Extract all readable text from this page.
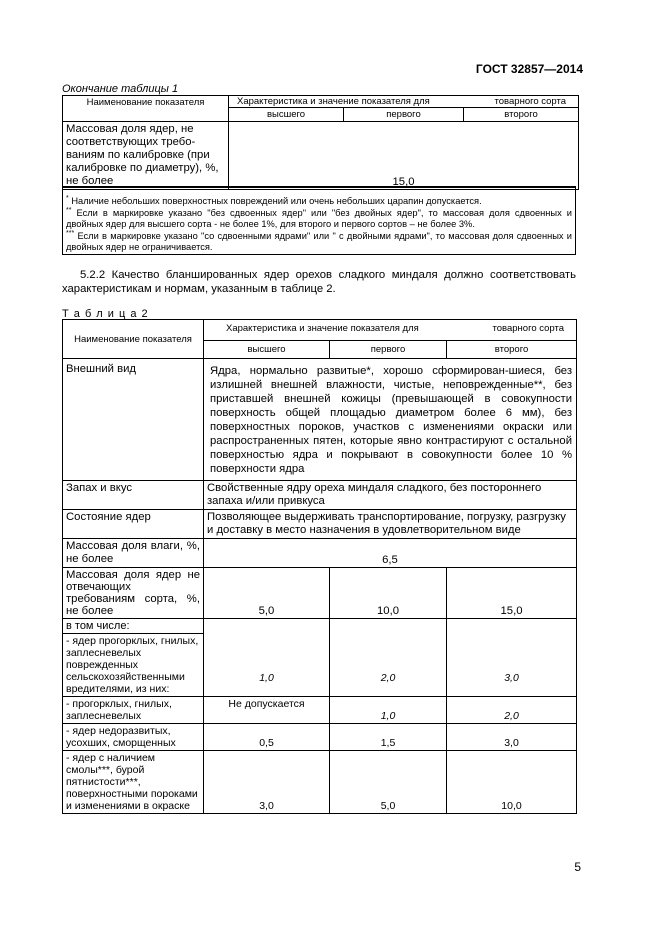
ГОСТ 32857—2014
Окончание таблицы 1
Наименование показателя	Характеристика и значение показателя для товарного сорта		

	высшего	первого	второго
Массовая доля ядер, не соответствующих требо-ваниям по калибровке (при калибровке по диаметру), %, не более	15,0		

* Наличие небольших поверхностных повреждений или очень небольших царапин допускается.

** Если в маркировке указано "без сдвоенных ядер" или "без двойных ядер", то массовая доля сдвоенных и двойных ядер для высшего сорта - не более 1%, для второго и первого сортов – не более 3%.

*** Если в маркировке указано "со сдвоенными ядрами" или " с двойными ядрами", то массовая доля сдвоенных и двойных ядер не ограничивается.

5.2.2 Качество бланшированных ядер орехов сладкого миндаля должно соответствовать характеристикам и нормам, указанным в таблице 2.
Т а б л и ц а 2
Наименование показателя	Характеристика и значение показателя для товарного сорта		

	высшего	первого	второго
Внешний вид	Ядра, нормально развитые*, хорошо сформирован-шиеся, без излишней внешней влажности, чистые, неповрежденные**, без приставшей внешней кожицы (превышающей в совокупности поверхность общей площадью диаметром более 6 мм), без поверхностных пороков, участков с изменениями окраски или распространенных пятен, которые явно контрастируют с остальной поверхностью ядра и покрывают в совокупности более 10 % поверхности ядра		
Запах и вкус	Свойственные ядру ореха миндаля сладкого, без постороннего запаха и/или привкуса		
Состояние ядер	Позволяющее выдерживать транспортирование, погрузку, разгрузку и доставку в место назначения в удовлетворительном виде		
Массовая доля влаги, %, не более	6,5		
Массовая доля ядер не отвечающих требованиям сорта, %, не более	5,0	10,0	15,0
в том числе:			
- ядер прогорклых, гнилых, заплесневелых поврежденных сельскохозяйственными вредителями, из них:	1,0	2,0	3,0
- прогорклых, гнилых, заплесневелых	Не допускается	1,0	2,0
- ядер недоразвитых, усохших, сморщенных	0,5	1,5	3,0
- ядер с наличием смолы***, бурой пятнистости***, поверхностными пороками и изменениями в окраске	3,0	5,0	10,0
5
